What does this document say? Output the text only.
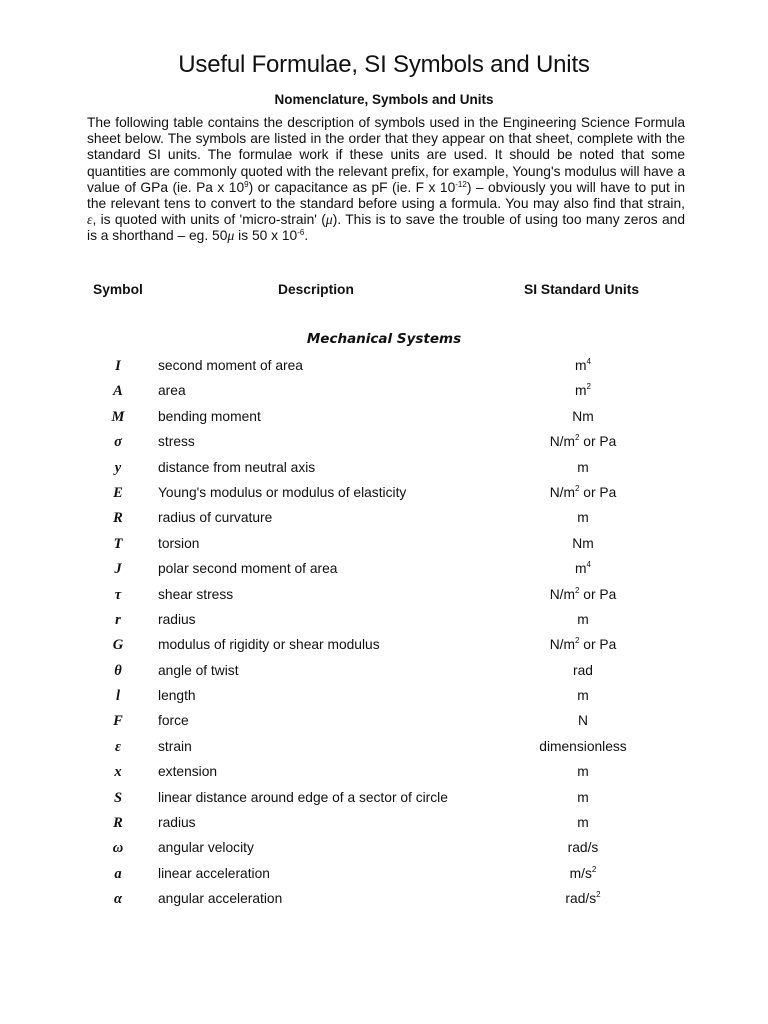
Useful Formulae, SI Symbols and Units
Nomenclature, Symbols and Units

The following table contains the description of symbols used in the Engineering Science Formula sheet below. The symbols are listed in the order that they appear on that sheet, complete with the standard SI units. The formulae work if these units are used. It should be noted that some quantities are commonly quoted with the relevant prefix, for example, Young's modulus will have a value of GPa (ie. Pa x $10^9$) or capacitance as pF (ie. F x $10^{-12}$) – obviously you will have to put in the relevant tens to convert to the standard before using a formula. You may also find that strain, ε, is quoted with units of 'micro-strain' (μ). This is to save the trouble of using too many zeros and is a shorthand – eg. 50μ is 50 x $10^{-6}$.

Symbol	Description	SI Standard Units
Mechanical Systems
I	second moment of area	$m^4$
A	area	$m^2$
M	bending moment	Nm
σ	stress	$N/m^2$ or Pa
y	distance from neutral axis	m
E	Young's modulus or modulus of elasticity	$N/m^2$ or Pa
R	radius of curvature	m
T	torsion	Nm
J	polar second moment of area	$m^4$
τ	shear stress	$N/m^2$ or Pa
r	radius	m
G	modulus of rigidity or shear modulus	$N/m^2$ or Pa
θ	angle of twist	rad
l	length	m
F	force	N
ε	strain	dimensionless
x	extension	m
S	linear distance around edge of a sector of circle	m
R	radius	m
ω	angular velocity	rad/s
a	linear acceleration	$m/s^2$
α	angular acceleration	rad/$s^2$
